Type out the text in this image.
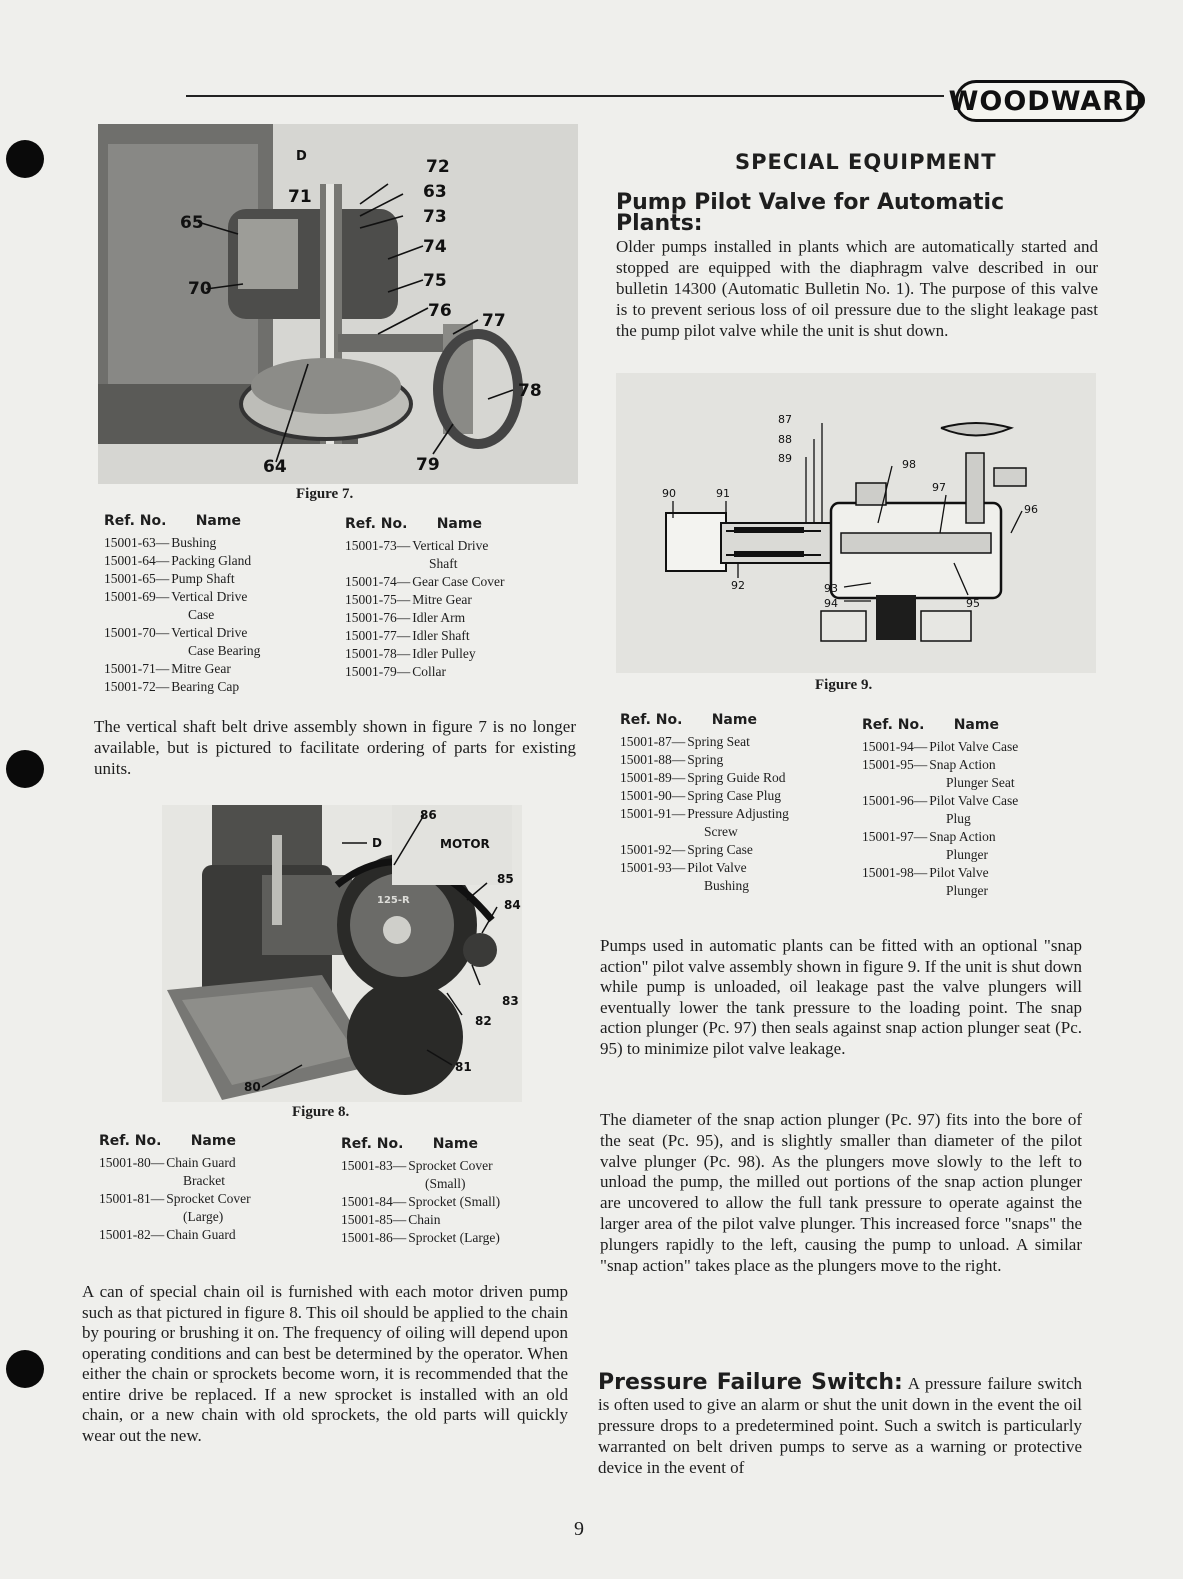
WOODWARD
72
63
73
74
75
76 77
78
79
64
65
70
71
D
Figure 7.
Ref. No.      Name
15001-63— Bushing
15001-64— Packing Gland
15001-65— Pump Shaft
15001-69— Vertical Drive
Case
15001-70— Vertical Drive
Case Bearing
15001-71— Mitre Gear
15001-72— Bearing Cap
Ref. No.      Name
15001-73— Vertical Drive
Shaft
15001-74— Gear Case Cover
15001-75— Mitre Gear
15001-76— Idler Arm
15001-77— Idler Shaft
15001-78— Idler Pulley
15001-79— Collar
The vertical shaft belt drive assembly shown in figure 7 is no longer available, but is pictured to facilitate ordering of parts for existing units.
86
MOTOR
85
84
83
82
81
80
D
125-R
Figure 8.
Ref. No.      Name
15001-80— Chain Guard
Bracket
15001-81— Sprocket Cover
(Large)
15001-82— Chain Guard
Ref. No.      Name
15001-83— Sprocket Cover
(Small)
15001-84— Sprocket (Small)
15001-85— Chain
15001-86— Sprocket (Large)
A can of special chain oil is furnished with each motor driven pump such as that pictured in figure 8. This oil should be applied to the chain by pouring or brushing it on. The frequency of oiling will depend upon operating conditions and can best be determined by the operator. When either the chain or sprockets become worn, it is recommended that the entire drive be replaced. If a new sprocket is installed with an old chain, or a new chain with old sprockets, the old parts will quickly wear out the new.
SPECIAL EQUIPMENT
Pump Pilot Valve for Automatic Plants:
Older pumps installed in plants which are automatically started and stopped are equipped with the diaphragm valve described in our bulletin 14300 (Automatic Bulletin No. 1). The purpose of this valve is to prevent serious loss of oil pressure due to the slight leakage past the pump pilot valve while the unit is shut down.
87
88
89	98
97
96
90	91
92	93
94	95
Figure 9.
Ref. No.      Name
15001-87— Spring Seat
15001-88— Spring
15001-89— Spring Guide Rod
15001-90— Spring Case Plug
15001-91— Pressure Adjusting
Screw
15001-92— Spring Case
15001-93— Pilot Valve
Bushing
Ref. No.      Name
15001-94— Pilot Valve Case
15001-95— Snap Action
Plunger Seat
15001-96— Pilot Valve Case
Plug
15001-97— Snap Action
Plunger
15001-98— Pilot Valve
Plunger
Pumps used in automatic plants can be fitted with an optional "snap action" pilot valve assembly shown in figure 9. If the unit is shut down while pump is unloaded, oil leakage past the valve plungers will eventually lower the tank pressure to the loading point. The snap action plunger (Pc. 97) then seals against snap action plunger seat (Pc. 95) to minimize pilot valve leakage.
The diameter of the snap action plunger (Pc. 97) fits into the bore of the seat (Pc. 95), and is slightly smaller than diameter of the pilot valve plunger (Pc. 98). As the plungers move slowly to the left to unload the pump, the milled out portions of the snap action plunger are uncovered to allow the full tank pressure to operate against the larger area of the pilot valve plunger. This increased force "snaps" the plungers rapidly to the left, causing the pump to unload. A similar "snap action" takes place as the plungers move to the right.
Pressure Failure Switch: A pressure failure switch is often used to give an alarm or shut the unit down in the event the oil pressure drops to a predetermined point. Such a switch is particularly warranted on belt driven pumps to serve as a warning or protective device in the event of
9
